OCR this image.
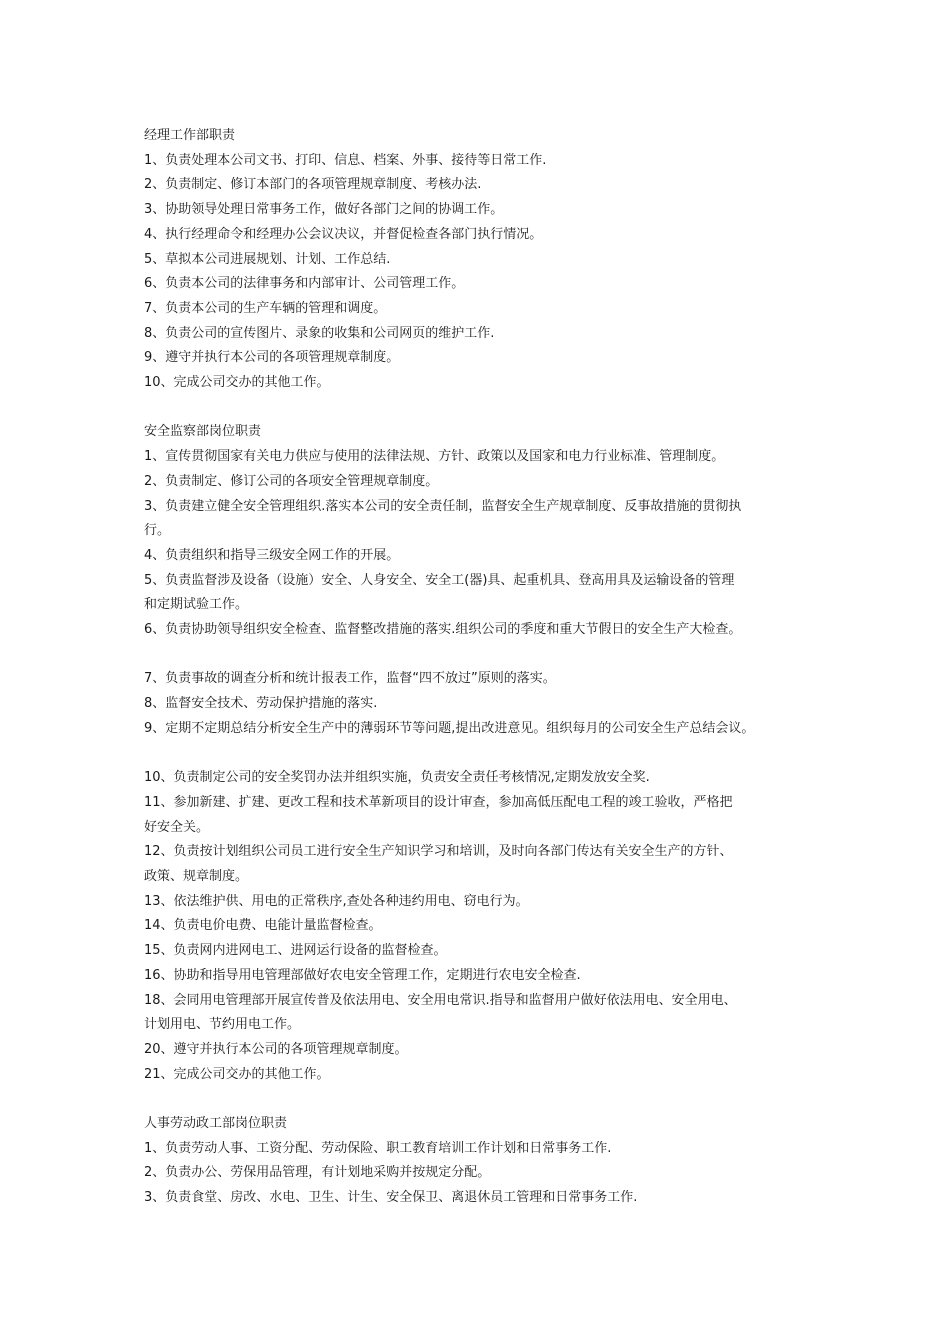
经理工作部职责
1、负责处理本公司文书、打印、信息、档案、外事、接待等日常工作.
2、负责制定、修订本部门的各项管理规章制度、考核办法.
3、协助领导处理日常事务工作，做好各部门之间的协调工作。
4、执行经理命令和经理办公会议决议，并督促检查各部门执行情况。
5、草拟本公司进展规划、计划、工作总结.
6、负责本公司的法律事务和内部审计、公司管理工作。
7、负责本公司的生产车辆的管理和调度。
8、负责公司的宣传图片、录象的收集和公司网页的维护工作.
9、遵守并执行本公司的各项管理规章制度。
10、完成公司交办的其他工作。
安全监察部岗位职责
1、宣传贯彻国家有关电力供应与使用的法律法规、方针、政策以及国家和电力行业标准、管理制度。
2、负责制定、修订公司的各项安全管理规章制度。
3、负责建立健全安全管理组织.落实本公司的安全责任制，监督安全生产规章制度、反事故措施的贯彻执
行。
4、负责组织和指导三级安全网工作的开展。
5、负责监督涉及设备（设施）安全、人身安全、安全工(器)具、起重机具、登高用具及运输设备的管理
和定期试验工作。
6、负责协助领导组织安全检查、监督整改措施的落实.组织公司的季度和重大节假日的安全生产大检查。
7、负责事故的调查分析和统计报表工作，监督“四不放过”原则的落实。
8、监督安全技术、劳动保护措施的落实.
9、定期不定期总结分析安全生产中的薄弱环节等问题,提出改进意见。组织每月的公司安全生产总结会议。
10、负责制定公司的安全奖罚办法并组织实施，负责安全责任考核情况,定期发放安全奖.
11、参加新建、扩建、更改工程和技术革新项目的设计审查，参加高低压配电工程的竣工验收，严格把
好安全关。
12、负责按计划组织公司员工进行安全生产知识学习和培训，及时向各部门传达有关安全生产的方针、
政策、规章制度。
13、依法维护供、用电的正常秩序,查处各种违约用电、窃电行为。
14、负责电价电费、电能计量监督检查。
15、负责网内进网电工、进网运行设备的监督检查。
16、协助和指导用电管理部做好农电安全管理工作，定期进行农电安全检查.
18、会同用电管理部开展宣传普及依法用电、安全用电常识.指导和监督用户做好依法用电、安全用电、
计划用电、节约用电工作。
20、遵守并执行本公司的各项管理规章制度。
21、完成公司交办的其他工作。
人事劳动政工部岗位职责
1、负责劳动人事、工资分配、劳动保险、职工教育培训工作计划和日常事务工作.
2、负责办公、劳保用品管理，有计划地采购并按规定分配。
3、负责食堂、房改、水电、卫生、计生、安全保卫、离退休员工管理和日常事务工作.
